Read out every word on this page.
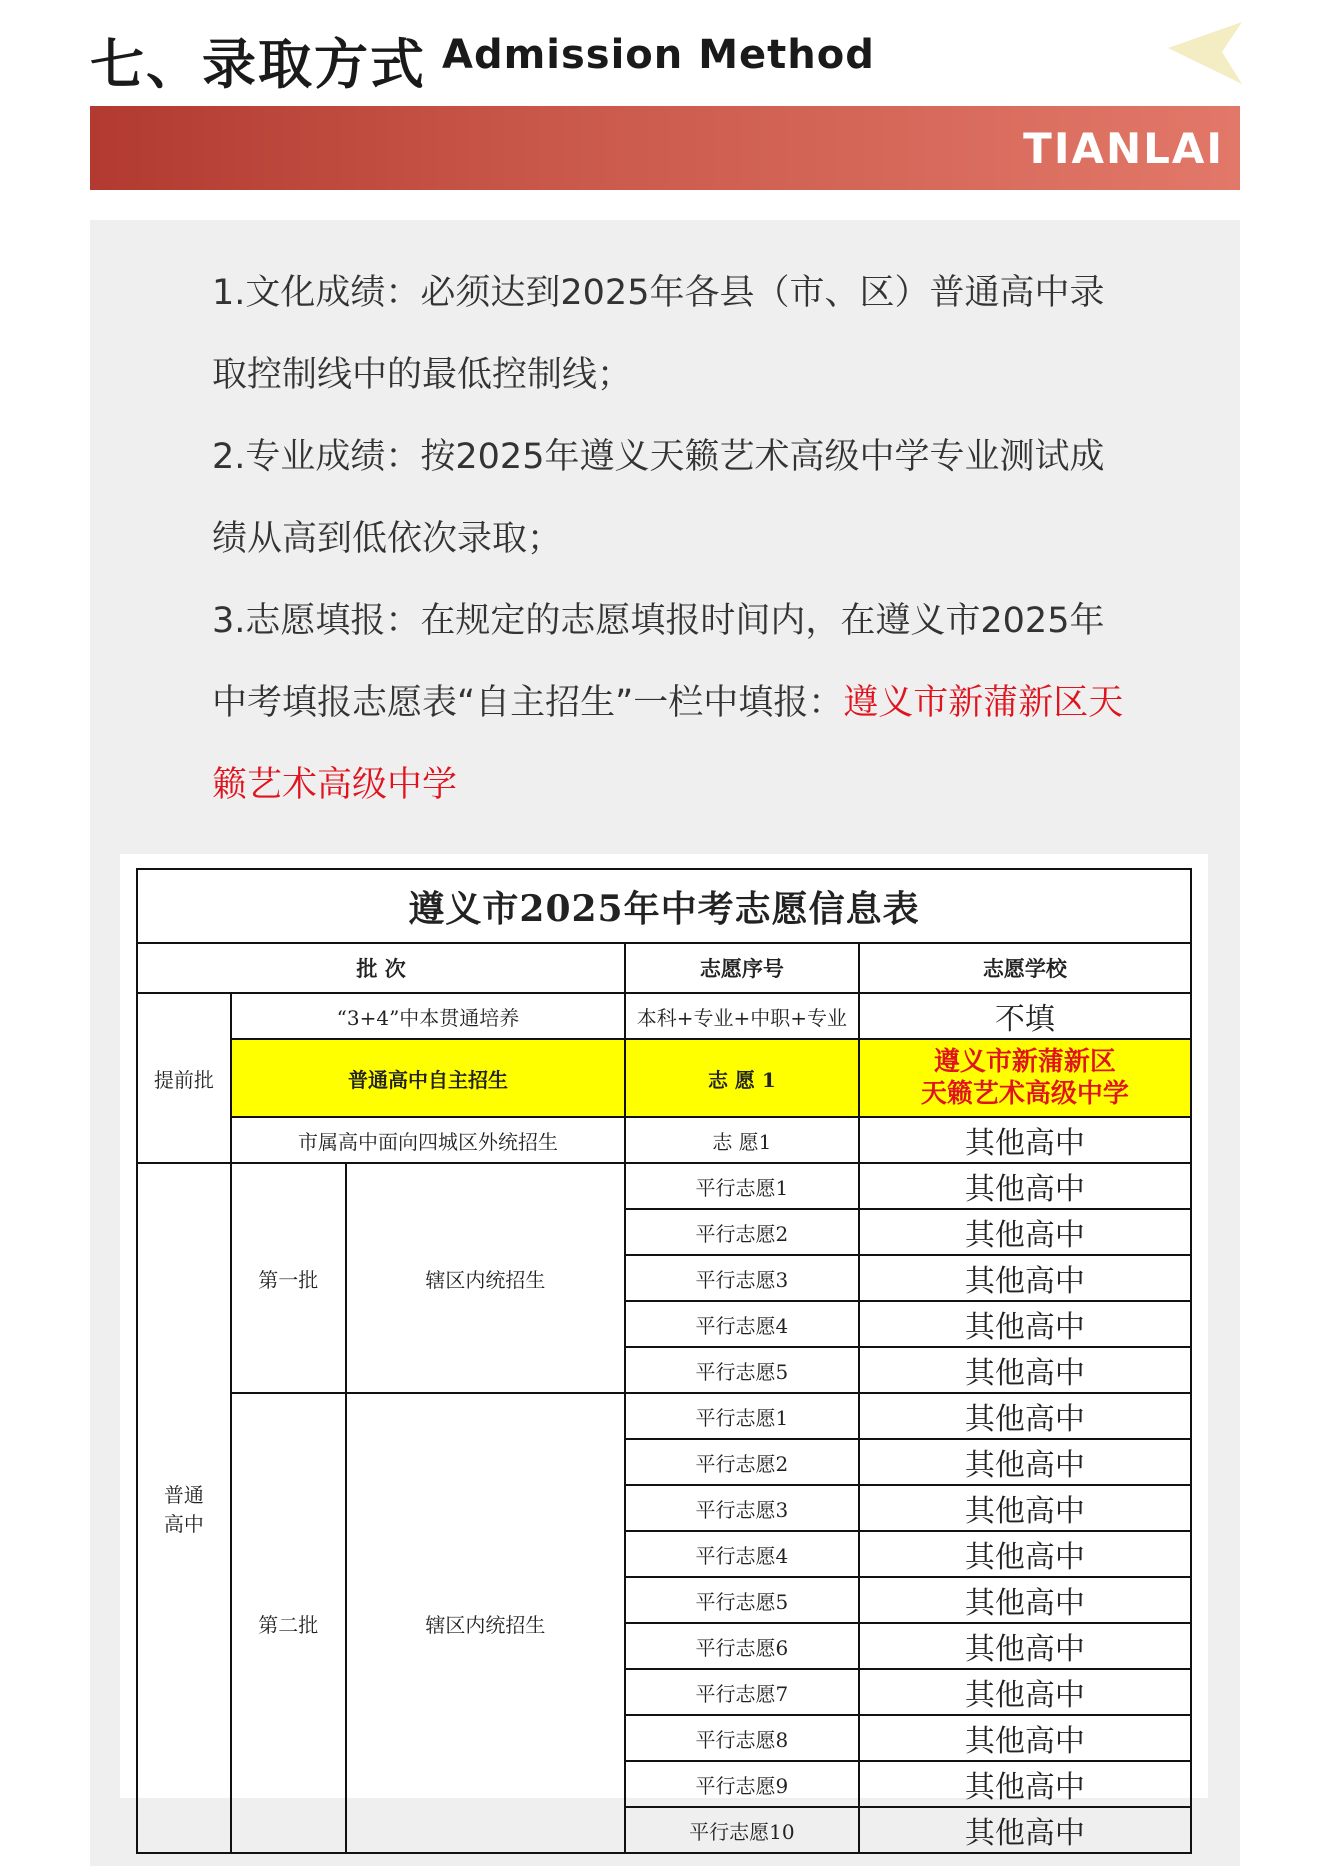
七、录取方式 Admission Method
TIANLAI

1.文化成绩：必须达到2025年各县（市、区）普通高中录取控制线中的最低控制线；

2.专业成绩：按2025年遵义天籁艺术高级中学专业测试成绩从高到低依次录取；

3.志愿填报：在规定的志愿填报时间内，在遵义市2025年中考填报志愿表“自主招生”一栏中填报：遵义市新蒲新区天籁艺术高级中学

遵义市2025年中考志愿信息表				
批 次			志愿序号	志愿学校
提前批	“3+4”中本贯通培养		本科+专业+中职+专业	不填
	普通高中自主招生		志 愿 1	遵义市新蒲新区
天籁艺术高级中学

	市属高中面向四城区外统招生		志 愿1	其他高中

普通
高中	第一批	辖区内统招生	平行志愿1	其他高中
			平行志愿2	其他高中
			平行志愿3	其他高中
			平行志愿4	其他高中
			平行志愿5	其他高中
	第二批	辖区内统招生	平行志愿1	其他高中
			平行志愿2	其他高中
			平行志愿3	其他高中
			平行志愿4	其他高中
			平行志愿5	其他高中
			平行志愿6	其他高中
			平行志愿7	其他高中
			平行志愿8	其他高中
			平行志愿9	其他高中
			平行志愿10	其他高中
